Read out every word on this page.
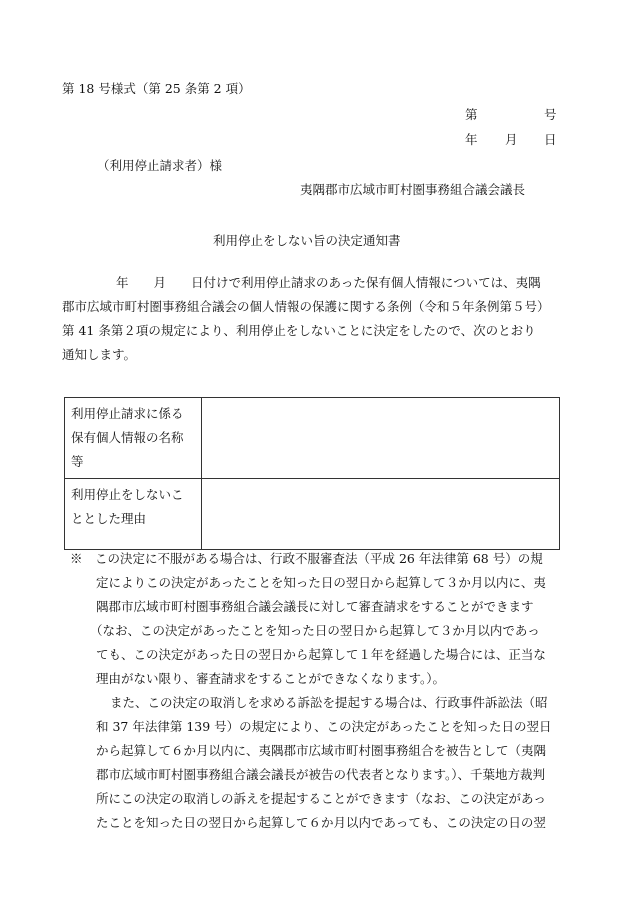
第 18 号様式（第 25 条第 2 項）
第	号
年 月 日
（利用停止請求者）様
夷隅郡市広域市町村圏事務組合議会議長
利用停止をしない旨の決定通知書
年　　月　　日付けで利用停止請求のあった保有個人情報については、夷隅
郡市広域市町村圏事務組合議会の個人情報の保護に関する条例（令和５年条例第５号）
第 41 条第２項の規定により、利用停止をしないことに決定をしたので、次のとおり
通知します。
利用停止請求に係る
保有個人情報の名称
等	

利用停止をしないこ
ととした理由	

※　この決定に不服がある場合は、行政不服審査法（平成 26 年法律第 68 号）の規
定によりこの決定があったことを知った日の翌日から起算して３か月以内に、夷
隅郡市広域市町村圏事務組合議会議長に対して審査請求をすることができます
（なお、この決定があったことを知った日の翌日から起算して３か月以内であっ
ても、この決定があった日の翌日から起算して１年を経過した場合には、正当な
理由がない限り、審査請求をすることができなくなります。）。
また、この決定の取消しを求める訴訟を提起する場合は、行政事件訴訟法（昭
和 37 年法律第 139 号）の規定により、この決定があったことを知った日の翌日
から起算して６か月以内に、夷隅郡市広域市町村圏事務組合を被告として（夷隅
郡市広域市町村圏事務組合議会議長が被告の代表者となります。）、千葉地方裁判
所にこの決定の取消しの訴えを提起することができます（なお、この決定があっ
たことを知った日の翌日から起算して６か月以内であっても、この決定の日の翌
